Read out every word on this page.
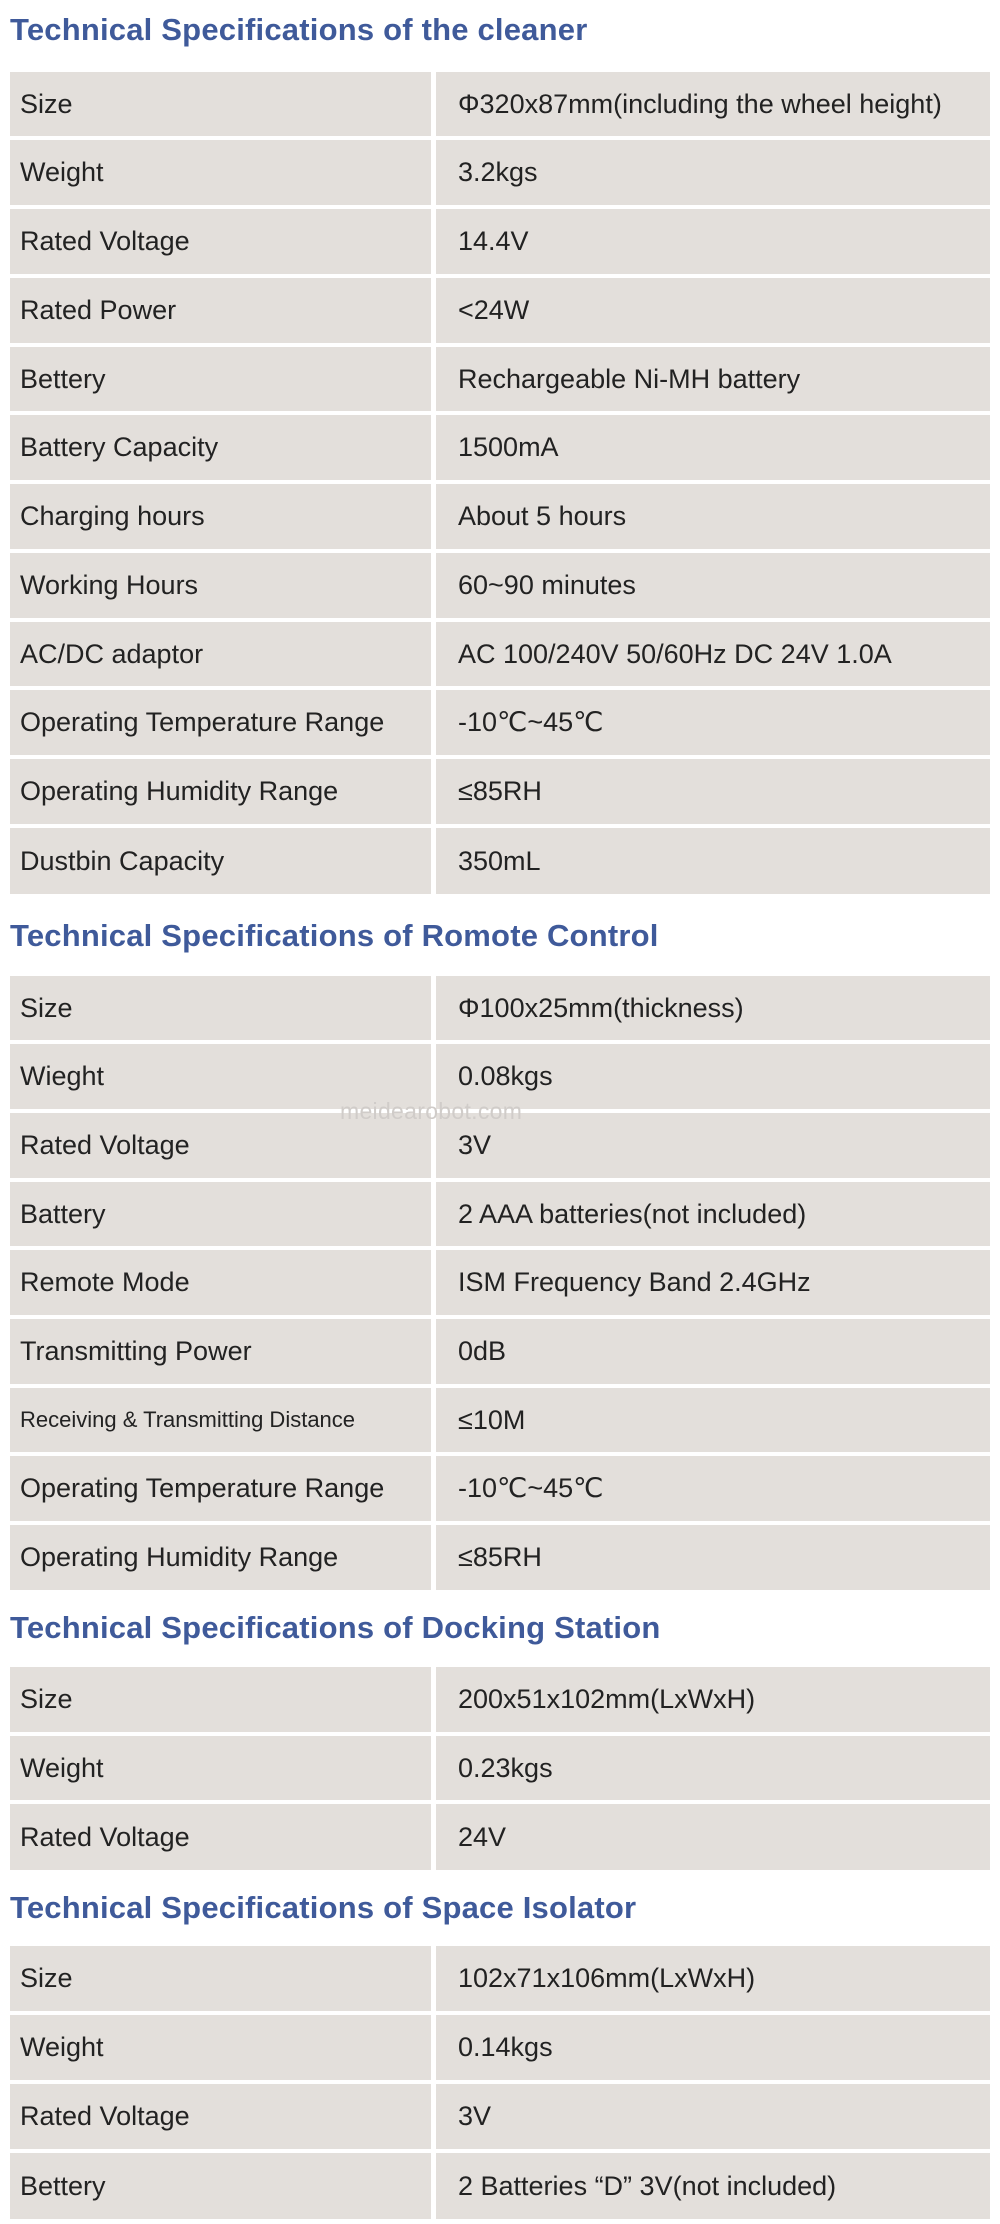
Technical Specifications of the cleaner
Size	Φ320x87mm(including the wheel height)
Weight	3.2kgs
Rated Voltage	14.4V
Rated Power	<24W
Bettery	Rechargeable Ni-MH battery
Battery Capacity	1500mA
Charging hours	About 5 hours
Working Hours	60~90 minutes
AC/DC adaptor	AC 100/240V 50/60Hz DC 24V 1.0A
Operating Temperature Range	-10℃~45℃
Operating Humidity Range	≤85RH
Dustbin Capacity	350mL
Technical Specifications of Romote Control
Size	Φ100x25mm(thickness)
Wieght	0.08kgs
Rated Voltage	3V
Battery	2 AAA batteries(not included)
Remote Mode	ISM Frequency Band 2.4GHz
Transmitting Power	0dB
Receiving & Transmitting Distance	≤10M
Operating Temperature Range	-10℃~45℃
Operating Humidity Range	≤85RH
Technical Specifications of Docking Station
Size	200x51x102mm(LxWxH)
Weight	0.23kgs
Rated Voltage	24V
Technical Specifications of Space Isolator
Size	102x71x106mm(LxWxH)
Weight	0.14kgs
Rated Voltage	3V
Bettery	2 Batteries “D” 3V(not included)
meidearobot.com
